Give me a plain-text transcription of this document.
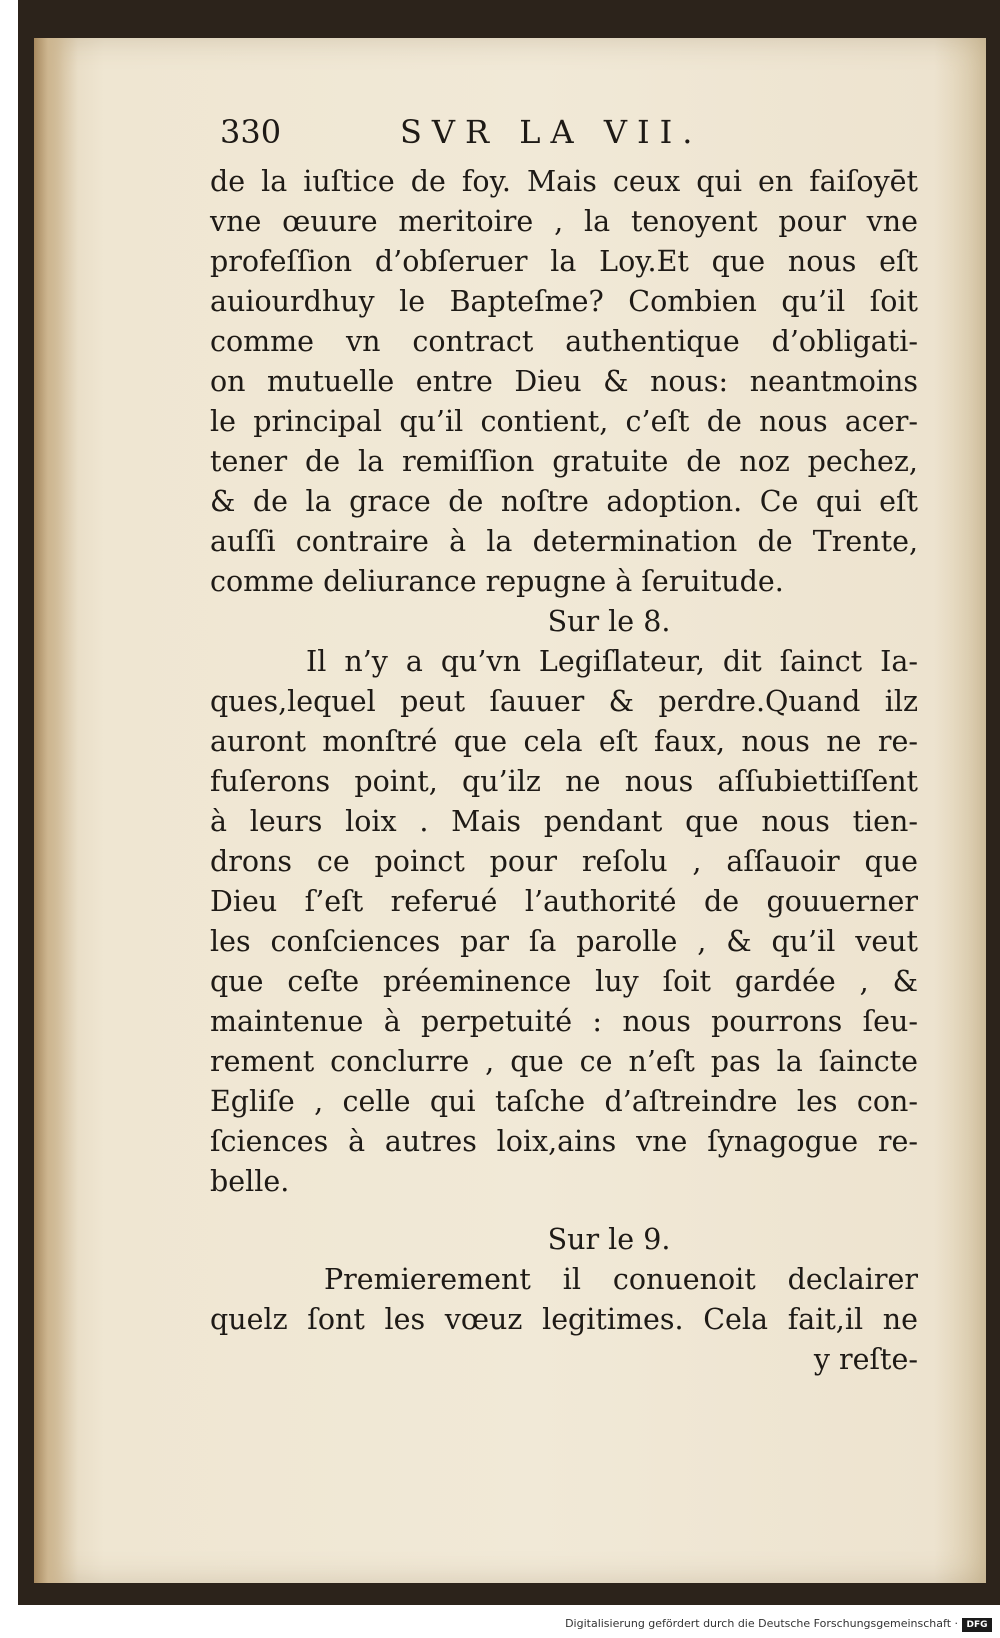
330	SVR LA VII.
de la iuſtice de foy. Mais ceux qui en faiſoyēt
vne œuure meritoire , la tenoyent pour vne
profeſſion d’obſeruer la Loy.Et que nous eſt
auiourdhuy le Bapteſme? Combien qu’il ſoit
comme vn contract authentique d’obligati-
on mutuelle entre Dieu & nous: neantmoins
le principal qu’il contient, c’eſt de nous acer-
tener de la remiſſion gratuite de noz pechez,
& de la grace de noſtre adoption. Ce qui eſt
auſſi contraire à la determination de Trente,
comme deliurance repugne à ſeruitude.
Sur le 8.
Il n’y a qu’vn Legiſlateur, dit ſainct Ia-
ques,lequel peut ſauuer & perdre.Quand ilz
auront monſtré que cela eſt faux, nous ne re-
fuſerons point, qu’ilz ne nous aſſubiettiſſent
à leurs loix . Mais pendant que nous tien-
drons ce poinct pour reſolu , aſſauoir que
Dieu ſ’eſt referué l’authorité de gouuerner
les conſciences par ſa parolle , & qu’il veut
que ceſte préeminence luy ſoit gardée , &
maintenue à perpetuité : nous pourrons ſeu-
rement conclurre , que ce n’eſt pas la ſaincte
Egliſe , celle qui taſche d’aſtreindre les con-
ſciences à autres loix,ains vne ſynagogue re-
belle.
Sur le 9.
Premierement il conuenoit declairer
quelz ſont les vœuz legitimes. Cela fait,il ne
y reſte-
Digitalisierung gefördert durch die Deutsche Forschungsgemeinschaft · DFG
